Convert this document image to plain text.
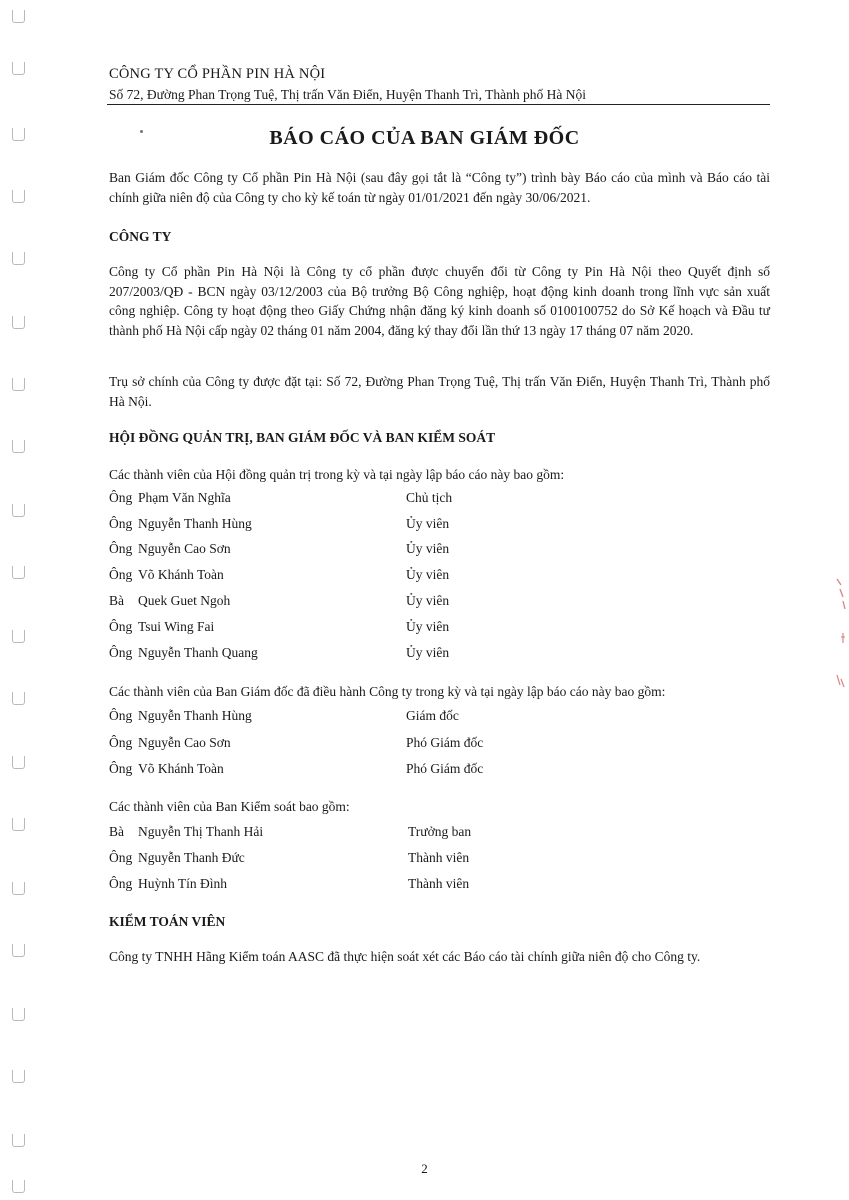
CÔNG TY CỔ PHẦN PIN HÀ NỘI
Số 72, Đường Phan Trọng Tuệ, Thị trấn Văn Điển, Huyện Thanh Trì, Thành phố Hà Nội
BÁO CÁO CỦA BAN GIÁM ĐỐC

Ban Giám đốc Công ty Cổ phần Pin Hà Nội (sau đây gọi tắt là “Công ty”) trình bày Báo cáo của mình và Báo cáo tài chính giữa niên độ của Công ty cho kỳ kế toán từ ngày 01/01/2021 đến ngày 30/06/2021.

CÔNG TY

Công ty Cổ phần Pin Hà Nội là Công ty cổ phần được chuyển đổi từ Công ty Pin Hà Nội theo Quyết định số 207/2003/QĐ - BCN ngày 03/12/2003 của Bộ trưởng Bộ Công nghiệp, hoạt động kinh doanh trong lĩnh vực sản xuất công nghiệp. Công ty hoạt động theo Giấy Chứng nhận đăng ký kinh doanh số 0100100752 do Sở Kế hoạch và Đầu tư thành phố Hà Nội cấp ngày 02 tháng 01 năm 2004, đăng ký thay đổi lần thứ 13 ngày 17 tháng 07 năm 2020.

Trụ sở chính của Công ty được đặt tại: Số 72, Đường Phan Trọng Tuệ, Thị trấn Văn Điển, Huyện Thanh Trì, Thành phố Hà Nội.

HỘI ĐỒNG QUẢN TRỊ, BAN GIÁM ĐỐC VÀ BAN KIỂM SOÁT

Các thành viên của Hội đồng quản trị trong kỳ và tại ngày lập báo cáo này bao gồm:

Ông Phạm Văn Nghĩa	Chủ tịch
Ông Nguyễn Thanh Hùng	Ủy viên
Ông Nguyễn Cao Sơn	Ủy viên
Ông Võ Khánh Toàn	Ủy viên
Bà Quek Guet Ngoh	Ủy viên
Ông Tsui Wing Fai	Ủy viên
Ông Nguyễn Thanh Quang	Ủy viên

Các thành viên của Ban Giám đốc đã điều hành Công ty trong kỳ và tại ngày lập báo cáo này bao gồm:

Ông Nguyễn Thanh Hùng	Giám đốc
Ông Nguyễn Cao Sơn	Phó Giám đốc
Ông Võ Khánh Toàn	Phó Giám đốc

Các thành viên của Ban Kiểm soát bao gồm:

Bà Nguyễn Thị Thanh Hải	Trưởng ban
Ông Nguyễn Thanh Đức	Thành viên
Ông Huỳnh Tín Đình	Thành viên
KIỂM TOÁN VIÊN

Công ty TNHH Hãng Kiểm toán AASC đã thực hiện soát xét các Báo cáo tài chính giữa niên độ cho Công ty.

2
